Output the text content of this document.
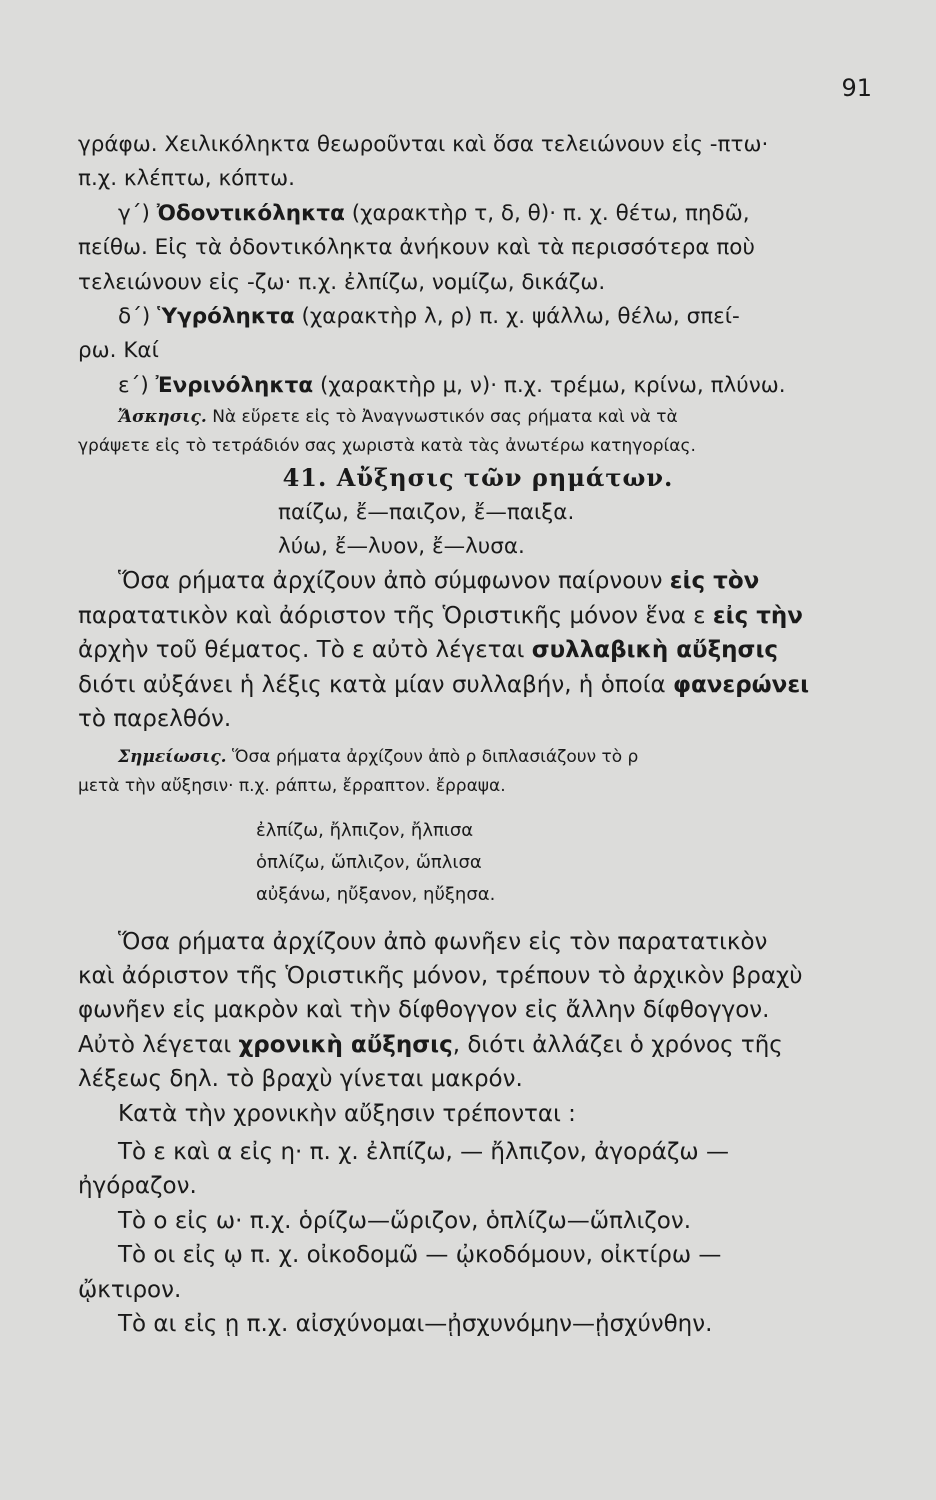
91

γράφω. Χειλικόληκτα θεωροῦνται καὶ ὅσα τελειώνουν εἰς -πτω·

π.χ. κλέπτω, κόπτω.

γ΄) Ὀδοντικόληκτα (χαρακτὴρ τ, δ, θ)· π. χ. θέτω, πηδῶ,

πείθω. Εἰς τὰ ὀδοντικόληκτα ἀνήκουν καὶ τὰ περισσότερα ποὺ

τελειώνουν εἰς -ζω· π.χ. ἐλπίζω, νομίζω, δικάζω.

δ΄) Ὑγρόληκτα (χαρακτὴρ λ, ρ) π. χ. ψάλλω, θέλω, σπεί-

ρω. Καί

ε΄) Ἐνρινόληκτα (χαρακτὴρ μ, ν)· π.χ. τρέμω, κρίνω, πλύνω.

Ἄσκησις. Νὰ εὕρετε εἰς τὸ Ἀναγνωστικόν σας ρήματα καὶ νὰ τὰ

γράψετε εἰς τὸ τετράδιόν σας χωριστὰ κατὰ τὰς ἀνωτέρω κατηγορίας.

41. Αὔξησις τῶν ρημάτων.

παίζω, ἔ—παιζον, ἔ—παιξα.

λύω, ἔ—λυον, ἔ—λυσα.

Ὅσα ρήματα ἀρχίζουν ἀπὸ σύμφωνον παίρνουν εἰς τὸν

παρατατικὸν καὶ ἀόριστον τῆς Ὁριστικῆς μόνον ἕνα ε εἰς τὴν

ἀρχὴν τοῦ θέματος. Τὸ ε αὐτὸ λέγεται συλλαβικὴ αὔξησις

διότι αὐξάνει ἡ λέξις κατὰ μίαν συλλαβήν, ἡ ὁποία φανερώνει

τὸ παρελθόν.

Σημείωσις. Ὅσα ρήματα ἀρχίζουν ἀπὸ ρ διπλασιάζουν τὸ ρ

μετὰ τὴν αὔξησιν· π.χ. ράπτω, ἔρραπτον. ἔρραψα.

ἐλπίζω, ἤλπιζον, ἤλπισα

ὁπλίζω, ὥπλιζον, ὥπλισα

αὐξάνω, ηὔξανον, ηὔξησα.

Ὅσα ρήματα ἀρχίζουν ἀπὸ φωνῆεν εἰς τὸν παρατατικὸν

καὶ ἀόριστον τῆς Ὁριστικῆς μόνον, τρέπουν τὸ ἀρχικὸν βραχὺ

φωνῆεν εἰς μακρὸν καὶ τὴν δίφθογγον εἰς ἄλλην δίφθογγον.

Αὐτὸ λέγεται χρονικὴ αὔξησις, διότι ἀλλάζει ὁ χρόνος τῆς

λέξεως δηλ. τὸ βραχὺ γίνεται μακρόν.

Κατὰ τὴν χρονικὴν αὔξησιν τρέπονται :

Τὸ ε καὶ α εἰς η· π. χ. ἐλπίζω, — ἤλπιζον, ἀγοράζω —

ἠγόραζον.

Τὸ ο εἰς ω· π.χ. ὁρίζω—ὥριζον, ὁπλίζω—ὥπλιζον.

Τὸ οι εἰς ῳ π. χ. οἰκοδομῶ — ᾠκοδόμουν, οἰκτίρω —

ᾤκτιρον.

Τὸ αι εἰς ῃ π.χ. αἰσχύνομαι—ᾐσχυνόμην—ᾐσχύνθην.
